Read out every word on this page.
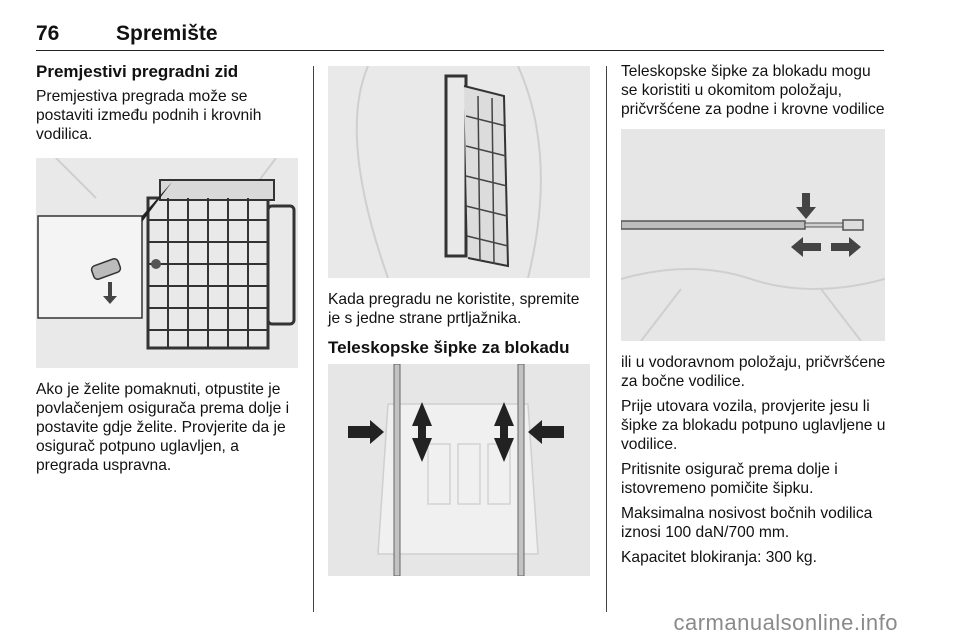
76	Spremište
Premjestivi pregradni zid

Premjestiva pregrada može se postaviti između podnih i krovnih vodilica.

Ako je želite pomaknuti, otpustite je povlačenjem osigurača prema dolje i postavite gdje želite. Provjerite da je osigurač potpuno uglavljen, a pregrada uspravna.

Kada pregradu ne koristite, spremite je s jedne strane prtljažnika.

Teleskopske šipke za blokadu

Teleskopske šipke za blokadu mogu se koristiti u okomitom položaju, pričvršćene za podne i krovne vodilice

ili u vodoravnom položaju, pričvršćene za bočne vodilice.

Prije utovara vozila, provjerite jesu li šipke za blokadu potpuno uglavljene u vodilice.

Pritisnite osigurač prema dolje i istovremeno pomičite šipku.

Maksimalna nosivost bočnih vodilica iznosi 100 daN/700 mm.

Kapacitet blokiranja: 300 kg.

carmanualsonline.info
